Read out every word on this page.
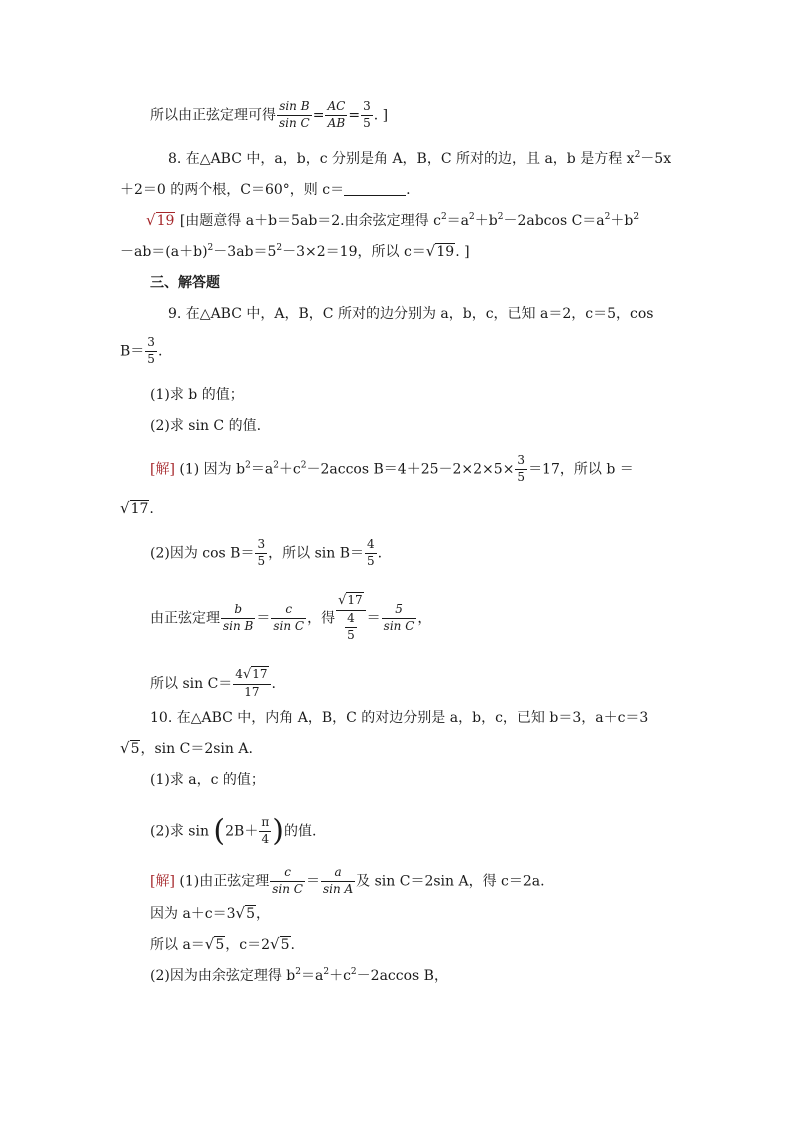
所以由正弦定理可得 $\frac{\text{sin B}}{\text{sin C}} = \frac{AC}{AB} = \frac{3}{5}$ . ]
8. 在△ABC 中，a，b，c 分别是角 A，B，C 所对的边，且 a，b 是方程 $x^2-5x$
＋2＝0 的两个根，C＝60°，则 c＝	.
√19 [由题意得 a＋b＝5ab＝2.由余弦定理得 $c^2=a^2+b^2-2abcos$ $C=a^2+b^2$
$-ab=(a+b)^2-3ab=5^2-3\times 2=19$，所以 c＝√19. ]
三、解答题
9. 在△ABC 中，A，B，C 所对的边分别为 a，b，c，已知 a＝2，c＝5，cos
$B= \frac{3}{5}$ .
(1)求 b 的值；
(2)求 sin C 的值.
[解] (1) 因为 $b^2=a^2+c^2-2accos$ $B=4+25-2\times 2\times 5\times \frac{3}{5} =17$，所以 b ＝
√17.
(2)因为 $\cos B= \frac{3}{5}$ ，所以 $\sin B= \frac{4}{5}$ .
由正弦定理 $\frac{b}{\text{sin B}} = \frac{c}{\text{sin C}}$ ，得 $\frac{√17}{\frac{4}{5}} = \frac{5}{\text{sin C}}$ ，
所以 $\sin C= \frac{4√17}{17}$ .
10. 在△ABC 中，内角 A，B，C 的对边分别是 a，b，c，已知 b＝3，a＋c＝3
√5，sin C＝2sin A.
(1)求 a，c 的值；
(2)求 $\sin (2B+ \frac{\pi}{4}$ )的值.
[解] (1)由正弦定理 $\frac{c}{\text{sin C}} = \frac{a}{\text{sin A}}$ 及 sin C＝2sin A，得 c＝2a.
因为 a＋c＝3√5，
所以 a＝√5，c＝2√5.
(2)因为由余弦定理得 $b^2=a^2+c^2-2accos$ B，
